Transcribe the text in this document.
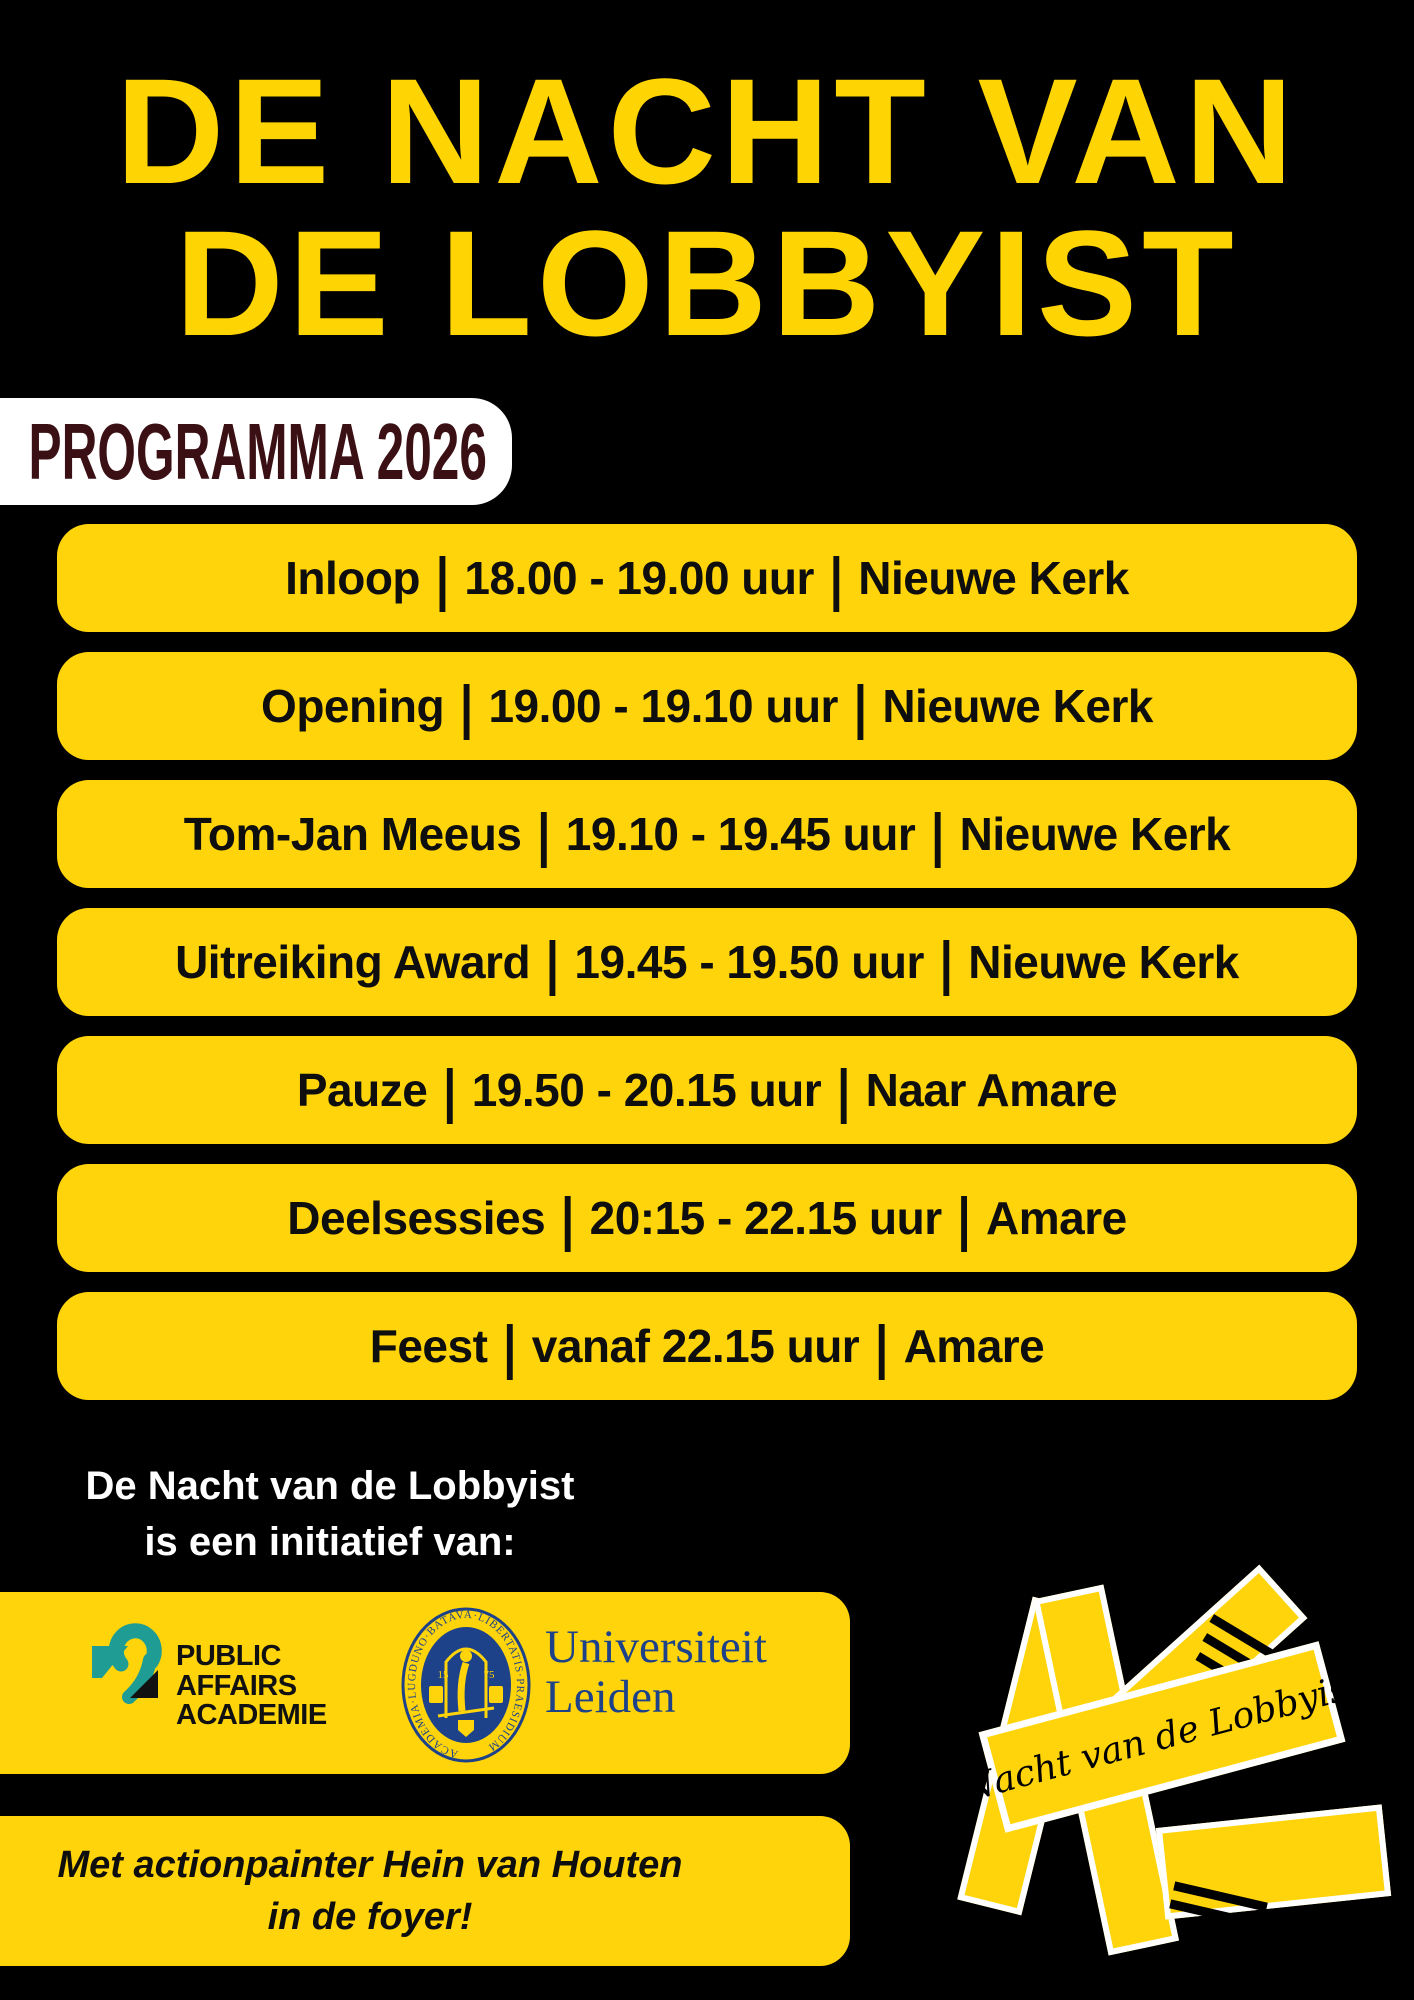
DE NACHT VAN
DE LOBBYIST
PROGRAMMA 2026
Inloop | 18.00 - 19.00 uur | Nieuwe Kerk
Opening | 19.00 - 19.10 uur | Nieuwe Kerk
Tom-Jan Meeus | 19.10 - 19.45 uur | Nieuwe Kerk
Uitreiking Award | 19.45 - 19.50 uur | Nieuwe Kerk
Pauze | 19.50 - 20.15 uur | Naar Amare
Deelsessies | 20:15 - 22.15 uur | Amare
Feest | vanaf 22.15 uur | Amare
De Nacht van de Lobbyist
is een initiatief van:
PUBLIC
AFFAIRS
ACADEMIE
ACADEMIA·LUGDUNO·BATAVA·LIBERTATIS·PRAESIDIUM
15	75
Universiteit
Leiden
Met actionpainter Hein van Houten
in de foyer!
Nacht van de Lobbyist
